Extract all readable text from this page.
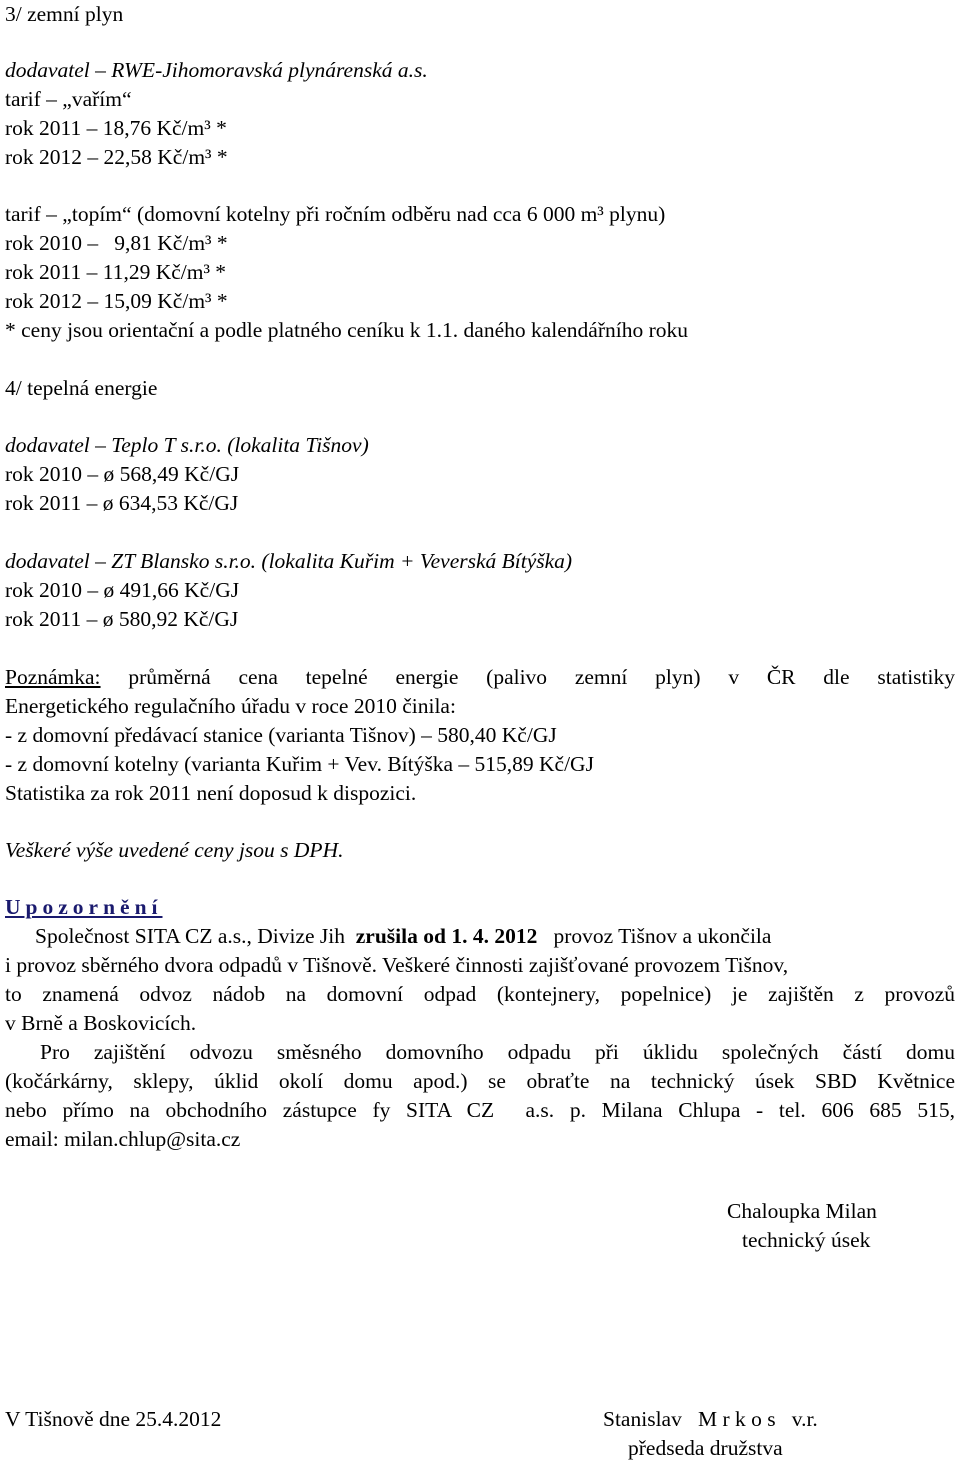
3/ zemní plyn
dodavatel – RWE-Jihomoravská plynárenská a.s.
tarif – „vařím“
rok 2011 – 18,76 Kč/m³ *
rok 2012 – 22,58 Kč/m³ *
tarif – „topím“ (domovní kotelny při ročním odběru nad cca 6 000 m³ plynu)
rok 2010 –   9,81 Kč/m³ *
rok 2011 – 11,29 Kč/m³ *
rok 2012 – 15,09 Kč/m³ *
* ceny jsou orientační a podle platného ceníku k 1.1. daného kalendářního roku
4/ tepelná energie
dodavatel – Teplo T s.r.o. (lokalita Tišnov)
rok 2010 – ø 568,49 Kč/GJ
rok 2011 – ø 634,53 Kč/GJ
dodavatel – ZT Blansko s.r.o. (lokalita Kuřim + Veverská Bítýška)
rok 2010 – ø 491,66 Kč/GJ
rok 2011 – ø 580,92 Kč/GJ
Poznámka: průměrná cena tepelné energie (palivo zemní plyn) v ČR dle statistiky
Energetického regulačního úřadu v roce 2010 činila:
- z domovní předávací stanice (varianta Tišnov) – 580,40 Kč/GJ
- z domovní kotelny (varianta Kuřim + Vev. Bítýška – 515,89 Kč/GJ
Statistika za rok 2011 není doposud k dispozici.
Veškeré výše uvedené ceny jsou s DPH.
Upozornění
Společnost SITA CZ a.s., Divize Jih  zrušila od 1. 4. 2012   provoz Tišnov a ukončila
i provoz sběrného dvora odpadů v Tišnově. Veškeré činnosti zajišťované provozem Tišnov,
to znamená odvoz nádob na domovní odpad (kontejnery, popelnice) je zajištěn z provozů
v Brně a Boskovicích.
Pro zajištění odvozu směsného domovního odpadu při úklidu společných částí domu
(kočárkárny, sklepy, úklid okolí domu apod.) se obraťte na technický úsek SBD Květnice
nebo přímo na obchodního zástupce fy SITA CZ  a.s. p. Milana Chlupa - tel. 606 685 515,
email: milan.chlup@sita.cz
Chaloupka Milan
technický úsek
V Tišnově dne 25.4.2012	Stanislav   M r k o s   v.r.
předseda družstva
